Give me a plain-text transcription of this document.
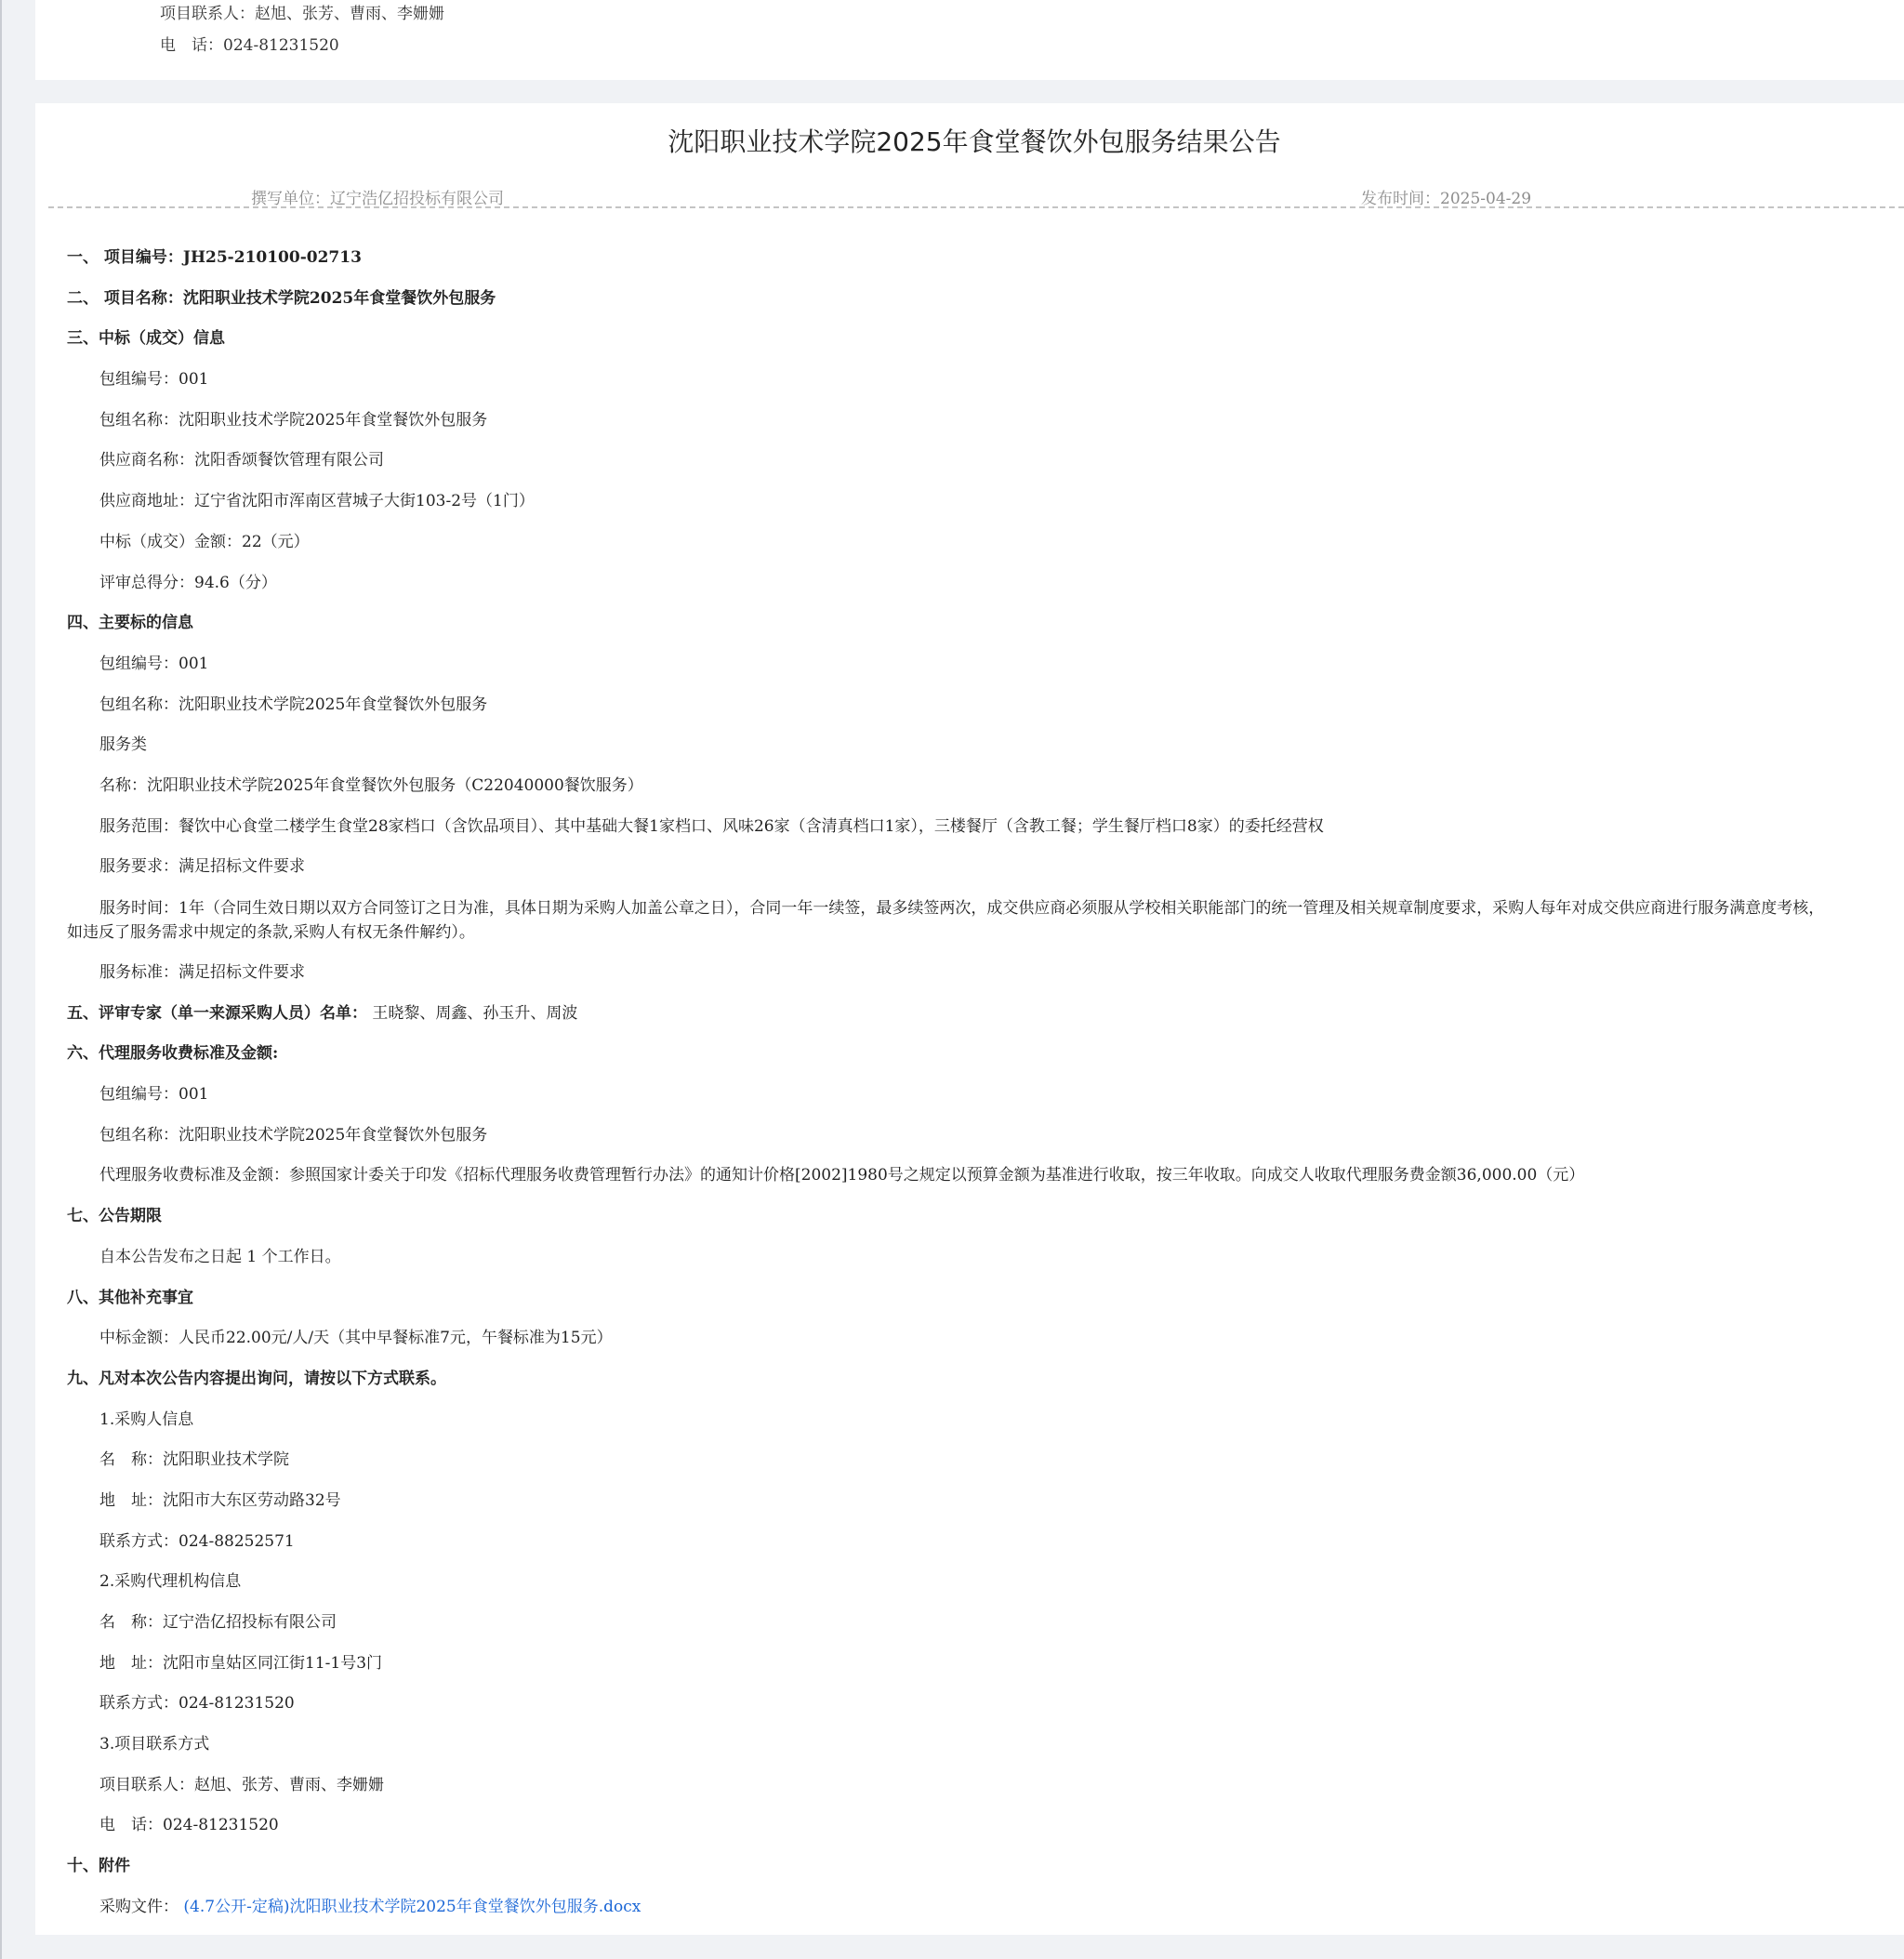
项目联系人：赵旭、张芳、曹雨、李姗姗
电　话：024-81231520
沈阳职业技术学院2025年食堂餐饮外包服务结果公告
撰写单位：辽宁浩亿招投标有限公司	发布时间：2025-04-29
一、 项目编号：JH25-210100-02713
二、 项目名称：沈阳职业技术学院2025年食堂餐饮外包服务
三、中标（成交）信息
包组编号：001
包组名称：沈阳职业技术学院2025年食堂餐饮外包服务
供应商名称：沈阳香颂餐饮管理有限公司
供应商地址：辽宁省沈阳市浑南区营城子大街103-2号（1门）
中标（成交）金额：22（元）
评审总得分：94.6（分）
四、主要标的信息
包组编号：001
包组名称：沈阳职业技术学院2025年食堂餐饮外包服务
服务类
名称：沈阳职业技术学院2025年食堂餐饮外包服务（C22040000餐饮服务）
服务范围：餐饮中心食堂二楼学生食堂28家档口（含饮品项目）、其中基础大餐1家档口、风味26家（含清真档口1家），三楼餐厅（含教工餐；学生餐厅档口8家）的委托经营权
服务要求：满足招标文件要求
服务时间：1年（合同生效日期以双方合同签订之日为准，具体日期为采购人加盖公章之日），合同一年一续签，最多续签两次，成交供应商必须服从学校相关职能部门的统一管理及相关规章制度要求，采购人每年对成交供应商进行服务满意度考核，
如违反了服务需求中规定的条款,采购人有权无条件解约）。
服务标准：满足招标文件要求
五、评审专家（单一来源采购人员）名单： 王晓黎、周鑫、孙玉升、周波
六、代理服务收费标准及金额:
包组编号：001
包组名称：沈阳职业技术学院2025年食堂餐饮外包服务
代理服务收费标准及金额：参照国家计委关于印发《招标代理服务收费管理暂行办法》的通知计价格[2002]1980号之规定以预算金额为基准进行收取，按三年收取。向成交人收取代理服务费金额36,000.00（元）
七、公告期限
自本公告发布之日起 1 个工作日。
八、其他补充事宜
中标金额：人民币22.00元/人/天（其中早餐标准7元，午餐标准为15元）
九、凡对本次公告内容提出询问，请按以下方式联系。
1.采购人信息
名　称：沈阳职业技术学院
地　址：沈阳市大东区劳动路32号
联系方式：024-88252571
2.采购代理机构信息
名　称：辽宁浩亿招投标有限公司
地　址：沈阳市皇姑区同江街11-1号3门
联系方式：024-81231520
3.项目联系方式
项目联系人：赵旭、张芳、曹雨、李姗姗
电　话：024-81231520
十、附件
采购文件： (4.7公开-定稿)沈阳职业技术学院2025年食堂餐饮外包服务.docx
